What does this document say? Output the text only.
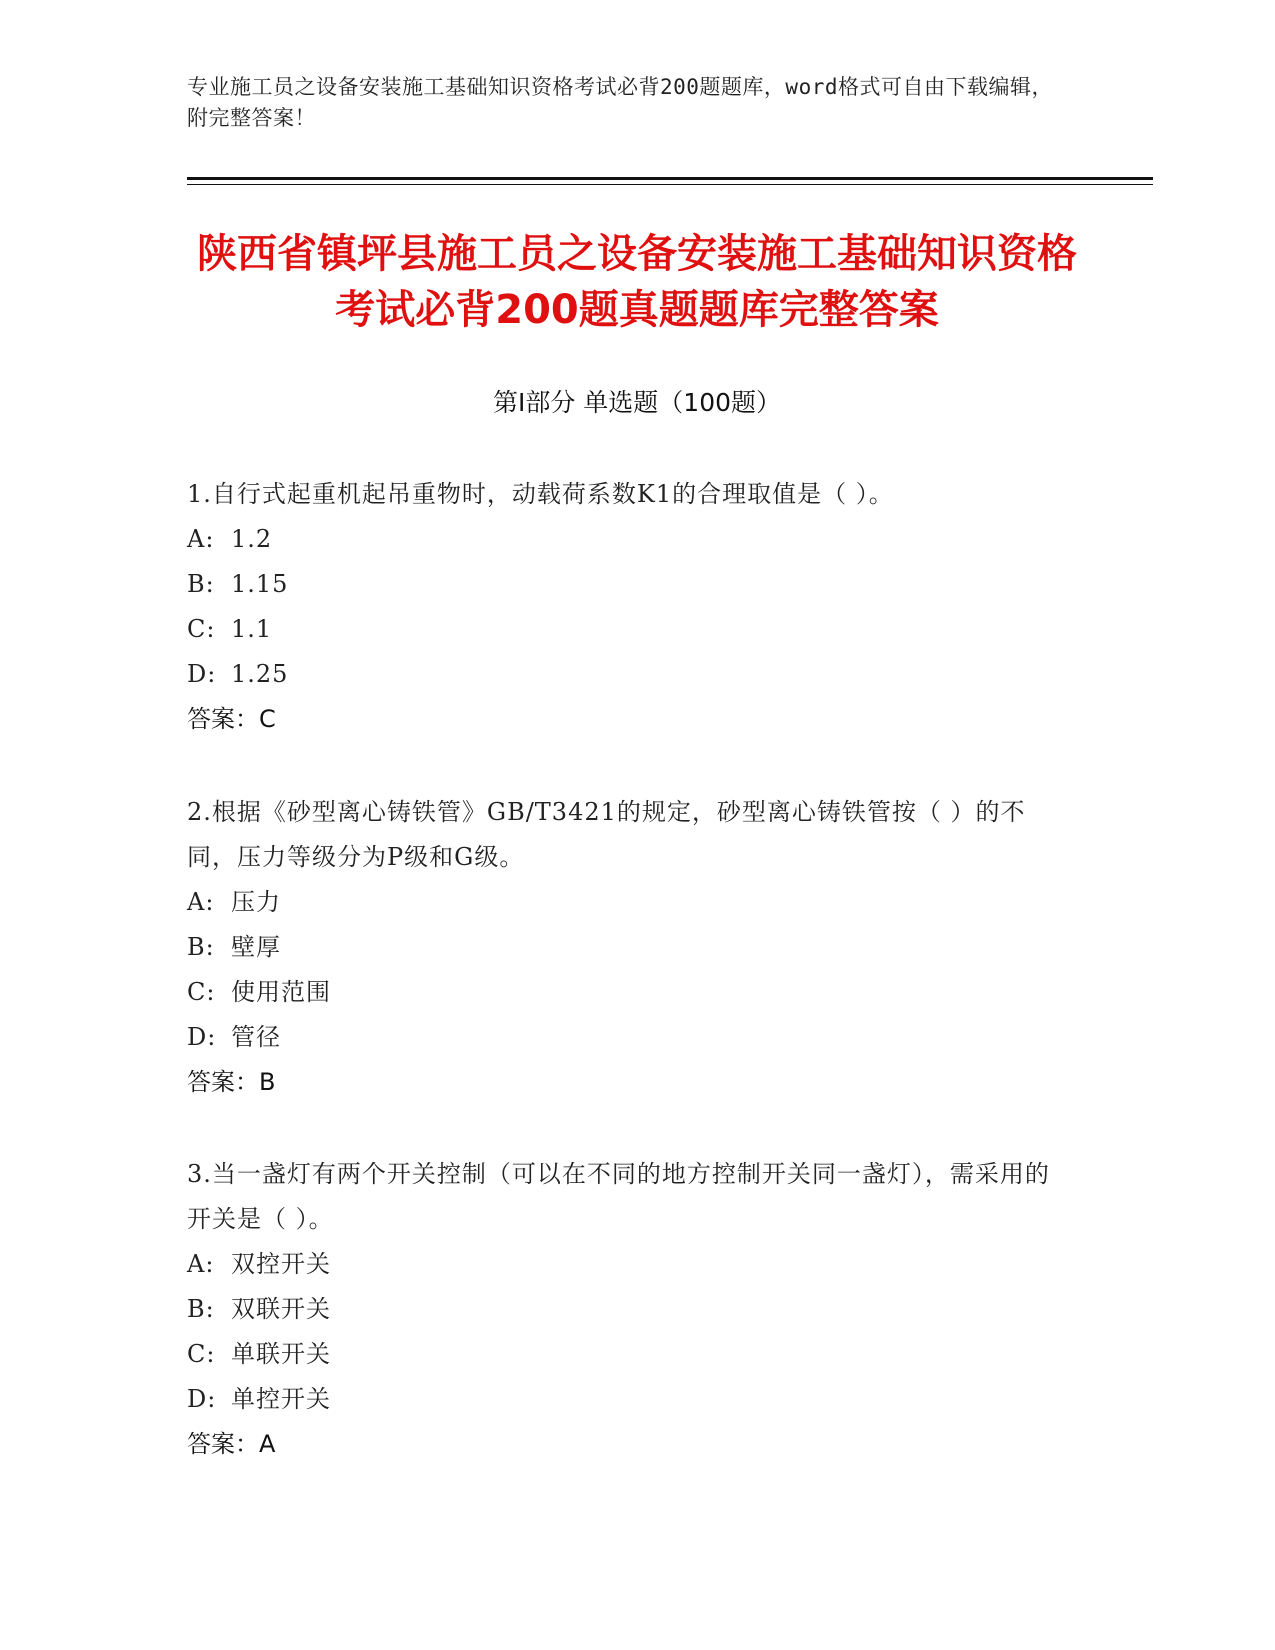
专业施工员之设备安装施工基础知识资格考试必背200题题库，word格式可自由下载编辑，附完整答案！
陕西省镇坪县施工员之设备安装施工基础知识资格考试必背200题真题题库完整答案
第I部分 单选题（100题）
1.自行式起重机起吊重物时，动载荷系数K1的合理取值是（ ）。
A: 1.2
B: 1.15
C: 1.1
D: 1.25
答案：C
2.根据《砂型离心铸铁管》GB/T3421的规定，砂型离心铸铁管按（ ）的不同，压力等级分为P级和G级。
A: 压力
B: 壁厚
C: 使用范围
D: 管径
答案：B
3.当一盏灯有两个开关控制（可以在不同的地方控制开关同一盏灯），需采用的开关是（ ）。
A: 双控开关
B: 双联开关
C: 单联开关
D: 单控开关
答案：A
